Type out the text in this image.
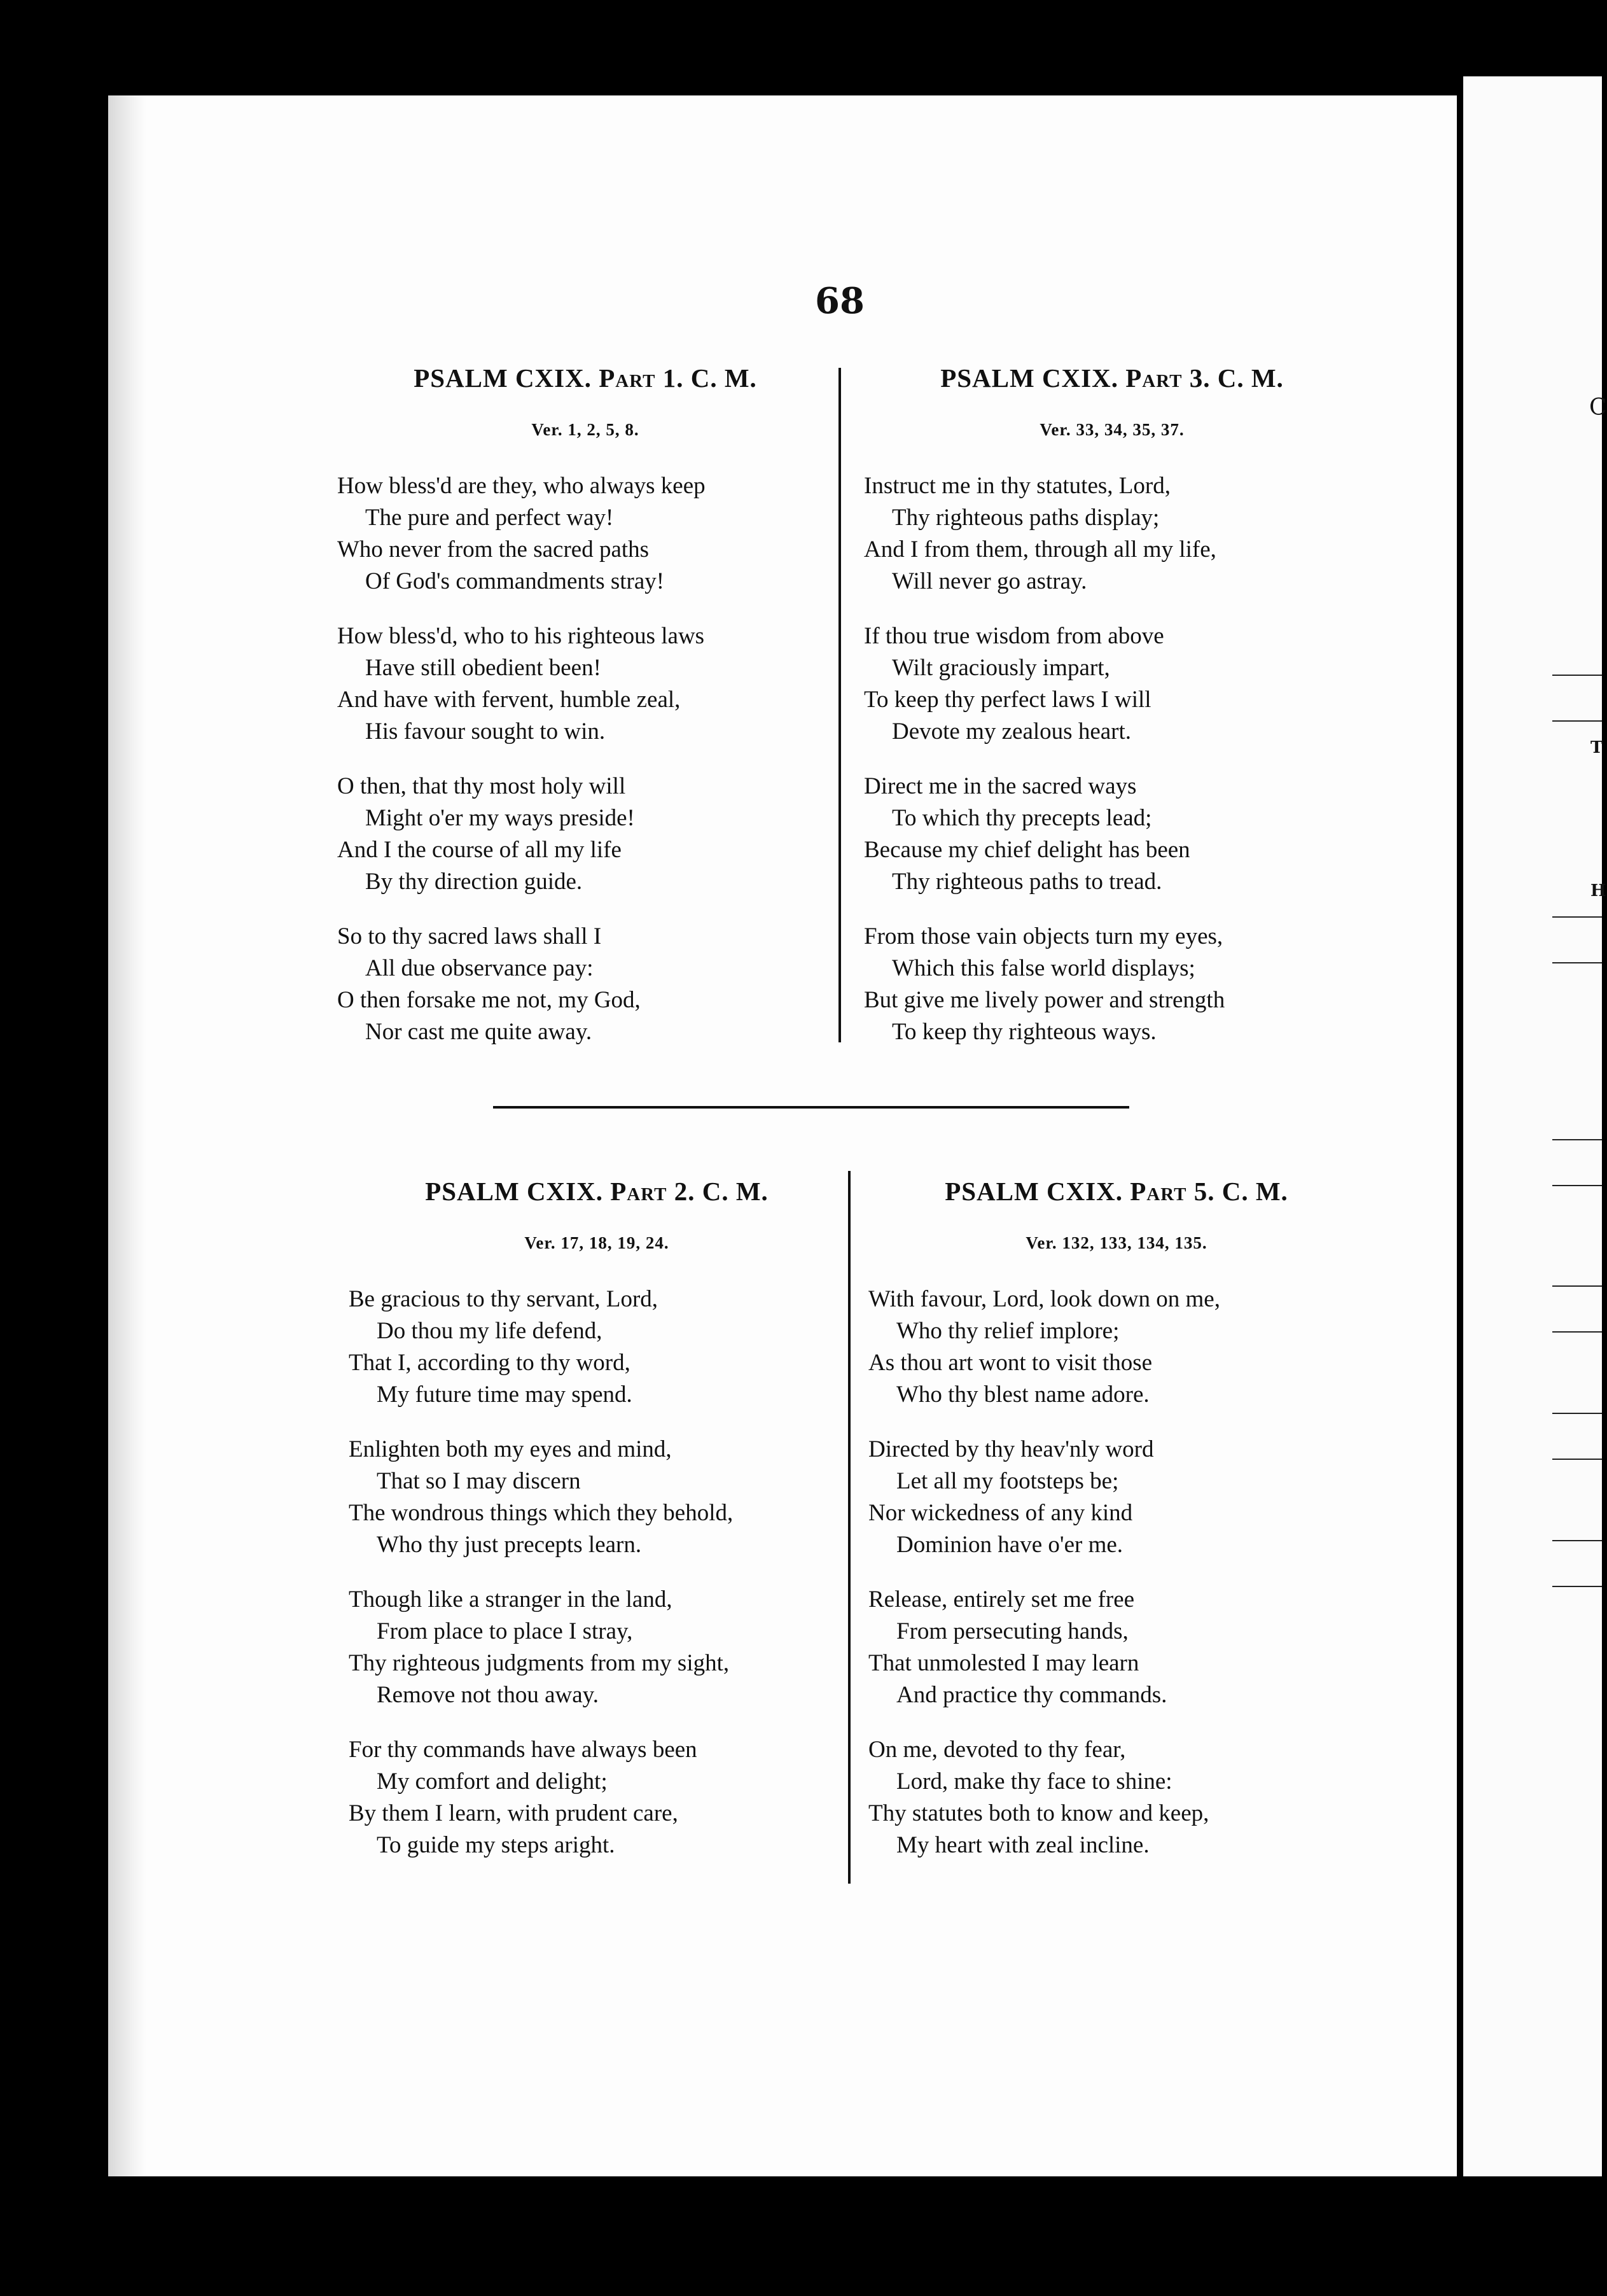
C
T
H
68
PSALM CXIX. Part 1. C. M.
Ver. 1, 2, 5, 8.
How bless'd are they, who always keep
The pure and perfect way!
Who never from the sacred paths
Of God's commandments stray!
How bless'd, who to his righteous laws
Have still obedient been!
And have with fervent, humble zeal,
His favour sought to win.
O then, that thy most holy will
Might o'er my ways preside!
And I the course of all my life
By thy direction guide.
So to thy sacred laws shall I
All due observance pay:
O then forsake me not, my God,
Nor cast me quite away.
PSALM CXIX. Part 3. C. M.
Ver. 33, 34, 35, 37.
Instruct me in thy statutes, Lord,
Thy righteous paths display;
And I from them, through all my life,
Will never go astray.
If thou true wisdom from above
Wilt graciously impart,
To keep thy perfect laws I will
Devote my zealous heart.
Direct me in the sacred ways
To which thy precepts lead;
Because my chief delight has been
Thy righteous paths to tread.
From those vain objects turn my eyes,
Which this false world displays;
But give me lively power and strength
To keep thy righteous ways.
PSALM CXIX. Part 2. C. M.
Ver. 17, 18, 19, 24.
Be gracious to thy servant, Lord,
Do thou my life defend,
That I, according to thy word,
My future time may spend.
Enlighten both my eyes and mind,
That so I may discern
The wondrous things which they behold,
Who thy just precepts learn.
Though like a stranger in the land,
From place to place I stray,
Thy righteous judgments from my sight,
Remove not thou away.
For thy commands have always been
My comfort and delight;
By them I learn, with prudent care,
To guide my steps aright.
PSALM CXIX. Part 5. C. M.
Ver. 132, 133, 134, 135.
With favour, Lord, look down on me,
Who thy relief implore;
As thou art wont to visit those
Who thy blest name adore.
Directed by thy heav'nly word
Let all my footsteps be;
Nor wickedness of any kind
Dominion have o'er me.
Release, entirely set me free
From persecuting hands,
That unmolested I may learn
And practice thy commands.
On me, devoted to thy fear,
Lord, make thy face to shine:
Thy statutes both to know and keep,
My heart with zeal incline.
